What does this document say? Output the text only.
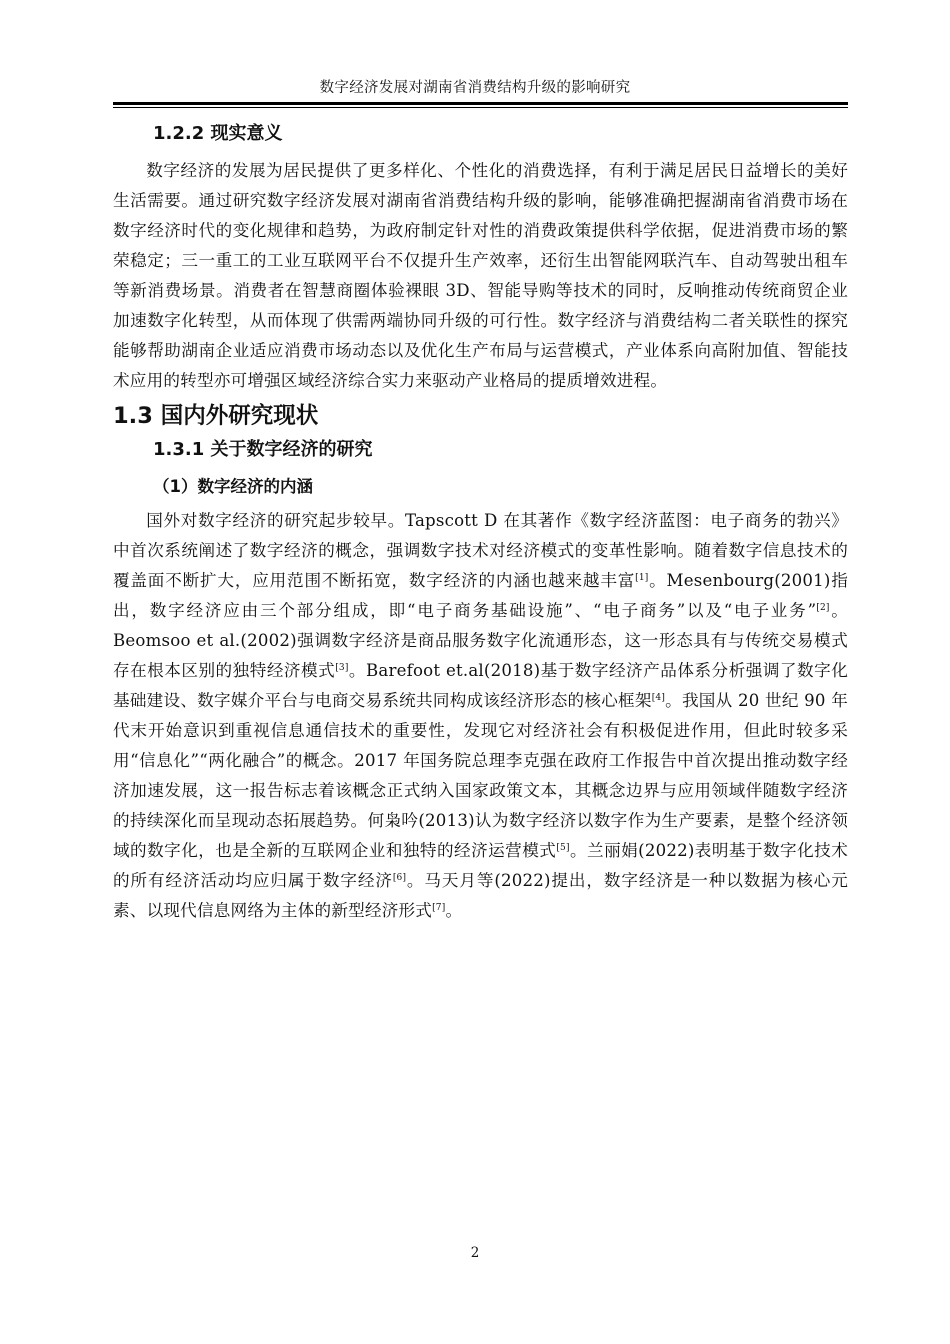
数字经济发展对湖南省消费结构升级的影响研究
1.2.2 现实意义

数字经济的发展为居民提供了更多样化、个性化的消费选择，有利于满足居民日益增长的美好生活需要。通过研究数字经济发展对湖南省消费结构升级的影响，能够准确把握湖南省消费市场在数字经济时代的变化规律和趋势，为政府制定针对性的消费政策提供科学依据，促进消费市场的繁荣稳定；三一重工的工业互联网平台不仅提升生产效率，还衍生出智能网联汽车、自动驾驶出租车等新消费场景。消费者在智慧商圈体验裸眼 3D、智能导购等技术的同时，反响推动传统商贸企业加速数字化转型，从而体现了供需两端协同升级的可行性。数字经济与消费结构二者关联性的探究能够帮助湖南企业适应消费市场动态以及优化生产布局与运营模式，产业体系向高附加值、智能技术应用的转型亦可增强区域经济综合实力来驱动产业格局的提质增效进程。

1.3 国内外研究现状
1.3.1 关于数字经济的研究
（1）数字经济的内涵

国外对数字经济的研究起步较早。Tapscott D 在其著作《数字经济蓝图：电子商务的勃兴》中首次系统阐述了数字经济的概念，强调数字技术对经济模式的变革性影响。随着数字信息技术的覆盖面不断扩大，应用范围不断拓宽，数字经济的内涵也越来越丰富[1]。Mesenbourg(2001)指出，数字经济应由三个部分组成，即“电子商务基础设施”、“电子商务”以及“电子业务”[2]。Beomsoo et al.(2002)强调数字经济是商品服务数字化流通形态，这一形态具有与传统交易模式存在根本区别的独特经济模式[3]。Barefoot et.al(2018)基于数字经济产品体系分析强调了数字化基础建设、数字媒介平台与电商交易系统共同构成该经济形态的核心框架[4]。我国从 20 世纪 90 年代末开始意识到重视信息通信技术的重要性，发现它对经济社会有积极促进作用，但此时较多采用“信息化”“两化融合”的概念。2017 年国务院总理李克强在政府工作报告中首次提出推动数字经济加速发展，这一报告标志着该概念正式纳入国家政策文本，其概念边界与应用领域伴随数字经济的持续深化而呈现动态拓展趋势。何枭吟(2013)认为数字经济以数字作为生产要素，是整个经济领域的数字化，也是全新的互联网企业和独特的经济运营模式[5]。兰丽娟(2022)表明基于数字化技术的所有经济活动均应归属于数字经济[6]。马天月等(2022)提出，数字经济是一种以数据为核心元素、以现代信息网络为主体的新型经济形式[7]。

2
